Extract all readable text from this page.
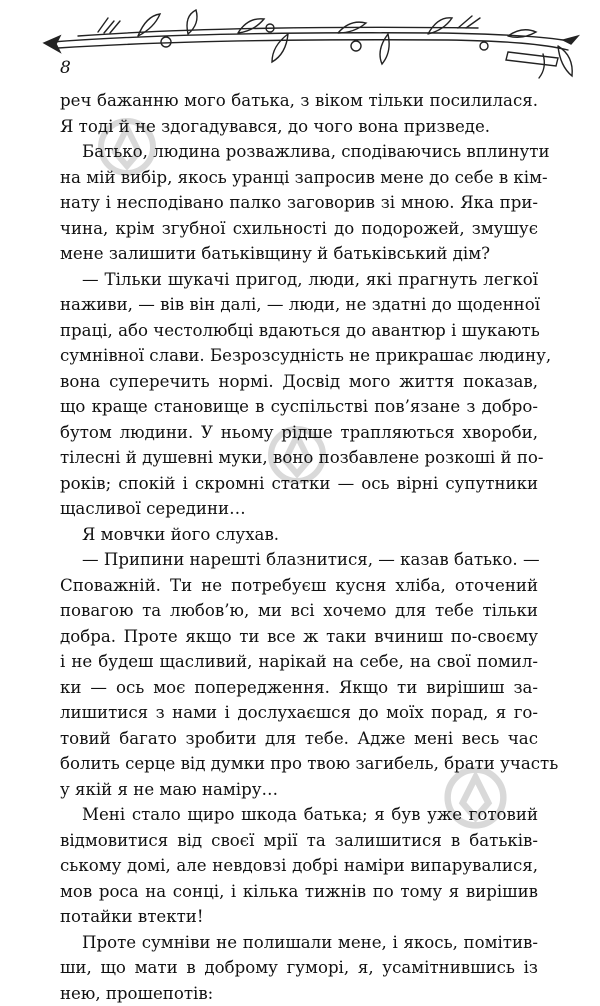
8
реч бажанню мого батька, з віком тільки посилилася.
Я тоді й не здогадувався, до чого вона призведе.
Батько, людина розважлива, сподіваючись вплинути
на мій вибір, якось уранці запросив мене до себе в кім-
нату і несподівано палко заговорив зі мною. Яка при-
чина, крім згубної схильності до подорожей, змушує
мене залишити батьківщину й батьківський дім?
— Тільки шукачі пригод, люди, які прагнуть легкої
наживи, — вів він далі, — люди, не здатні до щоденної
праці, або честолюбці вдаються до авантюр і шукають
сумнівної слави. Безрозсудність не прикрашає людину,
вона суперечить нормі. Досвід мого життя показав,
що краще становище в суспільстві пов’язане з добро-
бутом людини. У ньому рідше трапляються хвороби,
тілесні й душевні муки, воно позбавлене розкоші й по-
років; спокій і скромні статки — ось вірні супутники
щасливої середини…
Я мовчки його слухав.
— Припини нарешті блазнитися, — казав батько. —
Споважній. Ти не потребуєш кусня хліба, оточений
повагою та любов’ю, ми всі хочемо для тебе тільки
добра. Проте якщо ти все ж таки вчиниш по-своєму
і не будеш щасливий, нарікай на себе, на свої помил-
ки — ось моє попередження. Якщо ти вирішиш за-
лишитися з нами і дослухаєшся до моїх порад, я го-
товий багато зробити для тебе. Адже мені весь час
болить серце від думки про твою загибель, брати участь
у якій я не маю наміру…
Мені стало щиро шкода батька; я був уже готовий
відмовитися від своєї мрії та залишитися в батьків-
ському домі, але невдовзі добрі наміри випарувалися,
мов роса на сонці, і кілька тижнів по тому я вирішив
потайки втекти!
Проте сумніви не полишали мене, і якось, помітив-
ши, що мати в доброму гуморі, я, усамітнившись із
нею, прошепотів:
